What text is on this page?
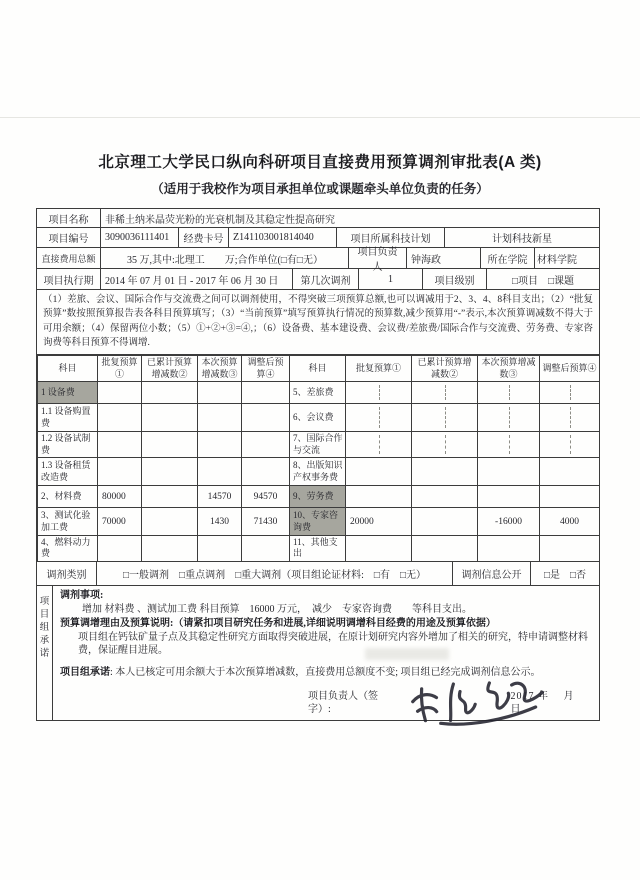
北京理工大学民口纵向科研项目直接费用预算调剂审批表(A 类)
（适用于我校作为项目承担单位或课题牵头单位负责的任务）
项目名称	非稀土纳米晶荧光粉的光衰机制及其稳定性提高研究
项目编号	3090036111401	经费卡号 Z141103001814040	项目所属科技计划	计划科技新星
直接费用总额	35 万,其中:北理工　　万;合作单位(□有□无）
项目负责人
钟海政	所在学院 材料学院
项目执行期	2014 年 07 月 01 日 - 2017 年 06 月 30 日	第几次调剂	1	项目级别	□项目　□课题
（1）差旅、会议、国际合作与交流费之间可以调剂使用，不得突破三项预算总额,也可以调减用于2、3、4、8科目支出；（2）“批复预算”数按照预算报告表各科目预算填写；（3）“当前预算”填写预算执行情况的预算数,减少预算用“-”表示,本次预算调减数不得大于可用余额；（4）保留两位小数；（5）①+②+③=④,；（6）设备费、基本建设费、会议费/差旅费/国际合作与交流费、劳务费、专家咨询费等科目预算不得调增.
科目	批复预算①	已累计预算增减数②	本次预算增减数③	调整后预算④	科目	批复预算①	已累计预算增减数②	本次预算增减数③	调整后预算④
1 设备费					5、差旅费				
1.1 设备购置费					6、会议费				
1.2 设备试制费					7、国际合作与交流				
1.3 设备租赁改造费					8、出版知识产权事务费				
2、材料费	80000		14570	94570	9、劳务费				
3、测试化验加工费	70000		1430	71430	10、专家咨询费	20000		-16000	4000
4、燃料动力费					11、其他支出				
调剂类别	□一般调剂　□重点调剂　□重大调剂（项目组论证材料:　□有　□无）	调剂信息公开	□是　□否
项目组承诺

调剂事项:

增加 材料费 、测试加工费 科目预算　16000 万元，　减少　专家咨询费　　等科目支出。

预算调增理由及预算说明:（请紧扣项目研究任务和进展,详细说明调增科目经费的用途及预算依据）

项目组在钙钛矿量子点及其稳定性研究方面取得突破进展，在原计划研究内容外增加了相关的研究，特申请调整材料费，保证醒目进展。

项目组承诺: 本人已核定可用余额大于本次预算增减数，直接费用总额度不变; 项目组已经完成调剂信息公示。

项目负责人（签字）:
2017 年　 月　 日
